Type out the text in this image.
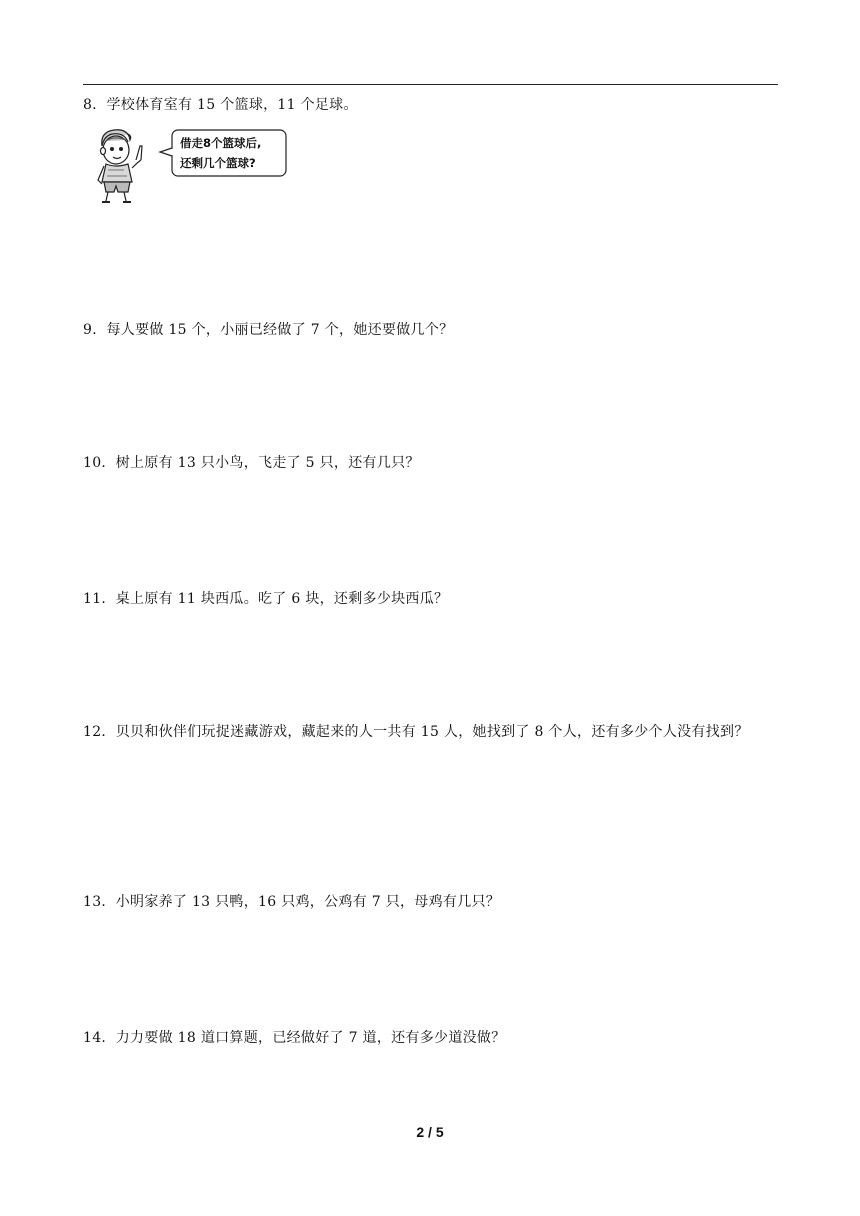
8．学校体育室有 15 个篮球，11 个足球。

借走8个篮球后,
还剩几个篮球?

9．每人要做 15 个，小丽已经做了 7 个，她还要做几个？

10．树上原有 13 只小鸟，飞走了 5 只，还有几只？

11．桌上原有 11 块西瓜。吃了 6 块，还剩多少块西瓜？

12．贝贝和伙伴们玩捉迷藏游戏，藏起来的人一共有 15 人，她找到了 8 个人，还有多少个人没有找到？

13．小明家养了 13 只鸭，16 只鸡，公鸡有 7 只，母鸡有几只？

14．力力要做 18 道口算题，已经做好了 7 道，还有多少道没做？

2 / 5
